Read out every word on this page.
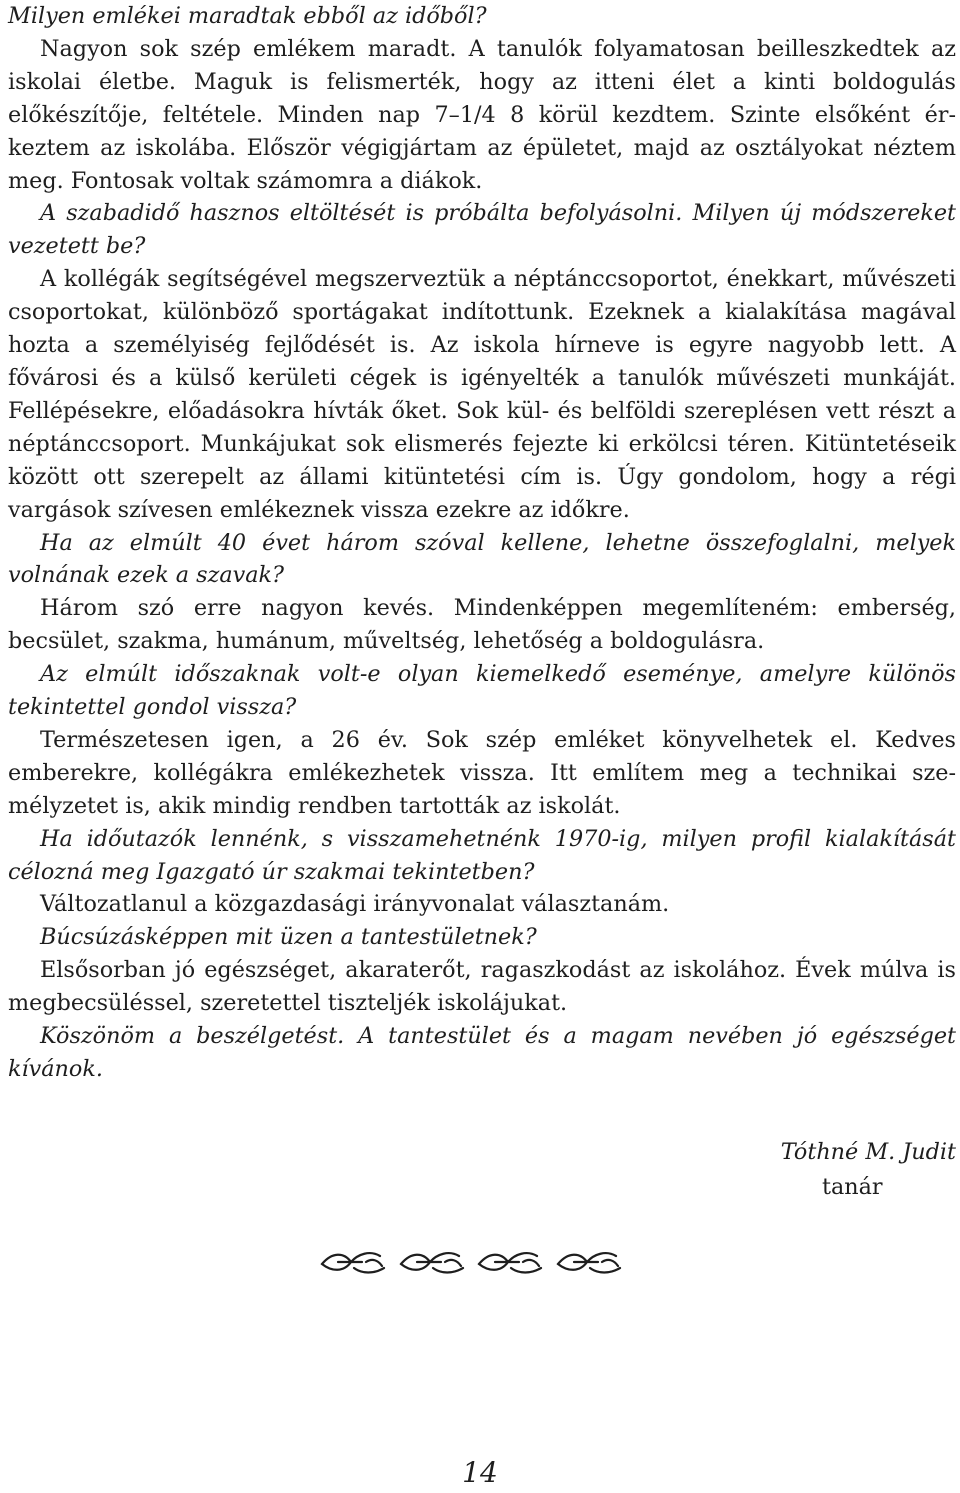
Milyen emlékei maradtak ebből az időből?

Nagyon sok szép emlékem maradt. A tanulók folyamatosan beilleszkedtek az iskolai életbe. Maguk is felismerték, hogy az itteni élet a kinti boldogulás előkészítője, feltétele. Minden nap 7–1/4 8 körül kezdtem. Szinte elsőként érkeztem az iskolába. Először végigjártam az épületet, majd az osztályokat néztem meg. Fontosak voltak számomra a diákok.

A szabadidő hasznos eltöltését is próbálta befolyásolni. Milyen új módszereket vezetett be?

A kollégák segítségével megszerveztük a néptánccsoportot, énekkart, művészeti csoportokat, különböző sportágakat indítottunk. Ezeknek a kialakítása magával hozta a személyiség fejlődését is. Az iskola hírneve is egyre nagyobb lett. A fővárosi és a külső kerületi cégek is igényelték a tanulók művészeti munkáját. Fellépésekre, előadásokra hívták őket. Sok kül- és belföldi szereplésen vett részt a néptánccsoport. Munkájukat sok elismerés fejezte ki erkölcsi téren. Kitüntetéseik között ott szerepelt az állami kitüntetési cím is. Úgy gondolom, hogy a régi vargások szívesen emlékeznek vissza ezekre az időkre.

Ha az elmúlt 40 évet három szóval kellene, lehetne összefoglalni, melyek volnának ezek a szavak?

Három szó erre nagyon kevés. Mindenképpen megemlíteném: emberség, becsület, szakma, humánum, műveltség, lehetőség a boldogulásra.

Az elmúlt időszaknak volt-e olyan kiemelkedő eseménye, amelyre különös tekintettel gondol vissza?

Természetesen igen, a 26 év. Sok szép emléket könyvelhetek el. Kedves emberekre, kollégákra emlékezhetek vissza. Itt említem meg a technikai személyzetet is, akik mindig rendben tartották az iskolát.

Ha időutazók lennénk, s visszamehetnénk 1970-ig, milyen profil kialakítását célozná meg Igazgató úr szakmai tekintetben?

Változatlanul a közgazdasági irányvonalat választanám.

Búcsúzásképpen mit üzen a tantestületnek?

Elsősorban jó egészséget, akaraterőt, ragaszkodást az iskolához. Évek múlva is megbecsüléssel, szeretettel tiszteljék iskolájukat.

Köszönöm a beszélgetést. A tantestület és a magam nevében jó egészséget kívánok.

Tóthné M. Judit
tanár
14
